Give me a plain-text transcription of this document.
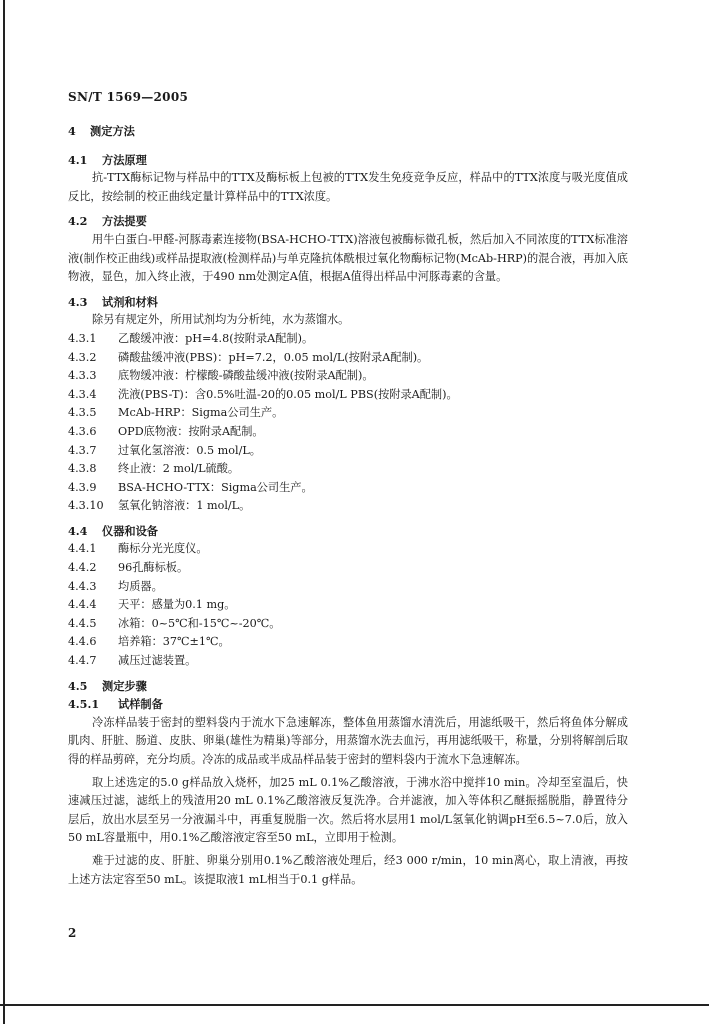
SN/T 1569—2005
4 测定方法
4.1 方法原理
抗-TTX酶标记物与样品中的TTX及酶标板上包被的TTX发生免疫竞争反应，样品中的TTX浓度与吸光度值成反比，按绘制的校正曲线定量计算样品中的TTX浓度。
4.2 方法提要
用牛白蛋白-甲醛-河豚毒素连接物(BSA-HCHO-TTX)溶液包被酶标微孔板，然后加入不同浓度的TTX标准溶液(制作校正曲线)或样品提取液(检测样品)与单克隆抗体酰根过氧化物酶标记物(McAb-HRP)的混合液，再加入底物液，显色，加入终止液，于490 nm处测定A值，根据A值得出样品中河豚毒素的含量。
4.3 试剂和材料
除另有规定外，所用试剂均为分析纯，水为蒸馏水。
4.3.1 乙酸缓冲液：pH=4.8(按附录A配制)。
4.3.2 磷酸盐缓冲液(PBS)：pH=7.2，0.05 mol/L(按附录A配制)。
4.3.3 底物缓冲液：柠檬酸-磷酸盐缓冲液(按附录A配制)。
4.3.4 洗液(PBS-T)：含0.5%吐温-20的0.05 mol/L PBS(按附录A配制)。
4.3.5 McAb-HRP：Sigma公司生产。
4.3.6 OPD底物液：按附录A配制。
4.3.7 过氧化氢溶液：0.5 mol/L。
4.3.8 终止液：2 mol/L硫酸。
4.3.9 BSA-HCHO-TTX：Sigma公司生产。
4.3.10 氢氧化钠溶液：1 mol/L。
4.4 仪器和设备
4.4.1 酶标分光光度仪。
4.4.2 96孔酶标板。
4.4.3 均质器。
4.4.4 天平：感量为0.1 mg。
4.4.5 冰箱：0~5℃和-15℃~-20℃。
4.4.6 培养箱：37℃±1℃。
4.4.7 减压过滤装置。
4.5 测定步骤
4.5.1 试样制备
冷冻样品装于密封的塑料袋内于流水下急速解冻，整体鱼用蒸馏水清洗后，用滤纸吸干，然后将鱼体分解成肌肉、肝脏、肠道、皮肤、卵巢(雄性为精巢)等部分，用蒸馏水洗去血污，再用滤纸吸干，称量，分别将解剖后取得的样品剪碎，充分均质。冷冻的成品或半成品样品装于密封的塑料袋内于流水下急速解冻。
取上述选定的5.0 g样品放入烧杯，加25 mL 0.1%乙酸溶液，于沸水浴中搅拌10 min。冷却至室温后，快速减压过滤，滤纸上的残渣用20 mL 0.1%乙酸溶液反复洗净。合并滤液，加入等体积乙醚振摇脱脂，静置待分层后，放出水层至另一分液漏斗中，再重复脱脂一次。然后将水层用1 mol/L氢氧化钠调pH至6.5~7.0后，放入50 mL容量瓶中，用0.1%乙酸溶液定容至50 mL，立即用于检测。
难于过滤的皮、肝脏、卵巢分别用0.1%乙酸溶液处理后，经3 000 r/min，10 min离心，取上清液，再按上述方法定容至50 mL。该提取液1 mL相当于0.1 g样品。
2
